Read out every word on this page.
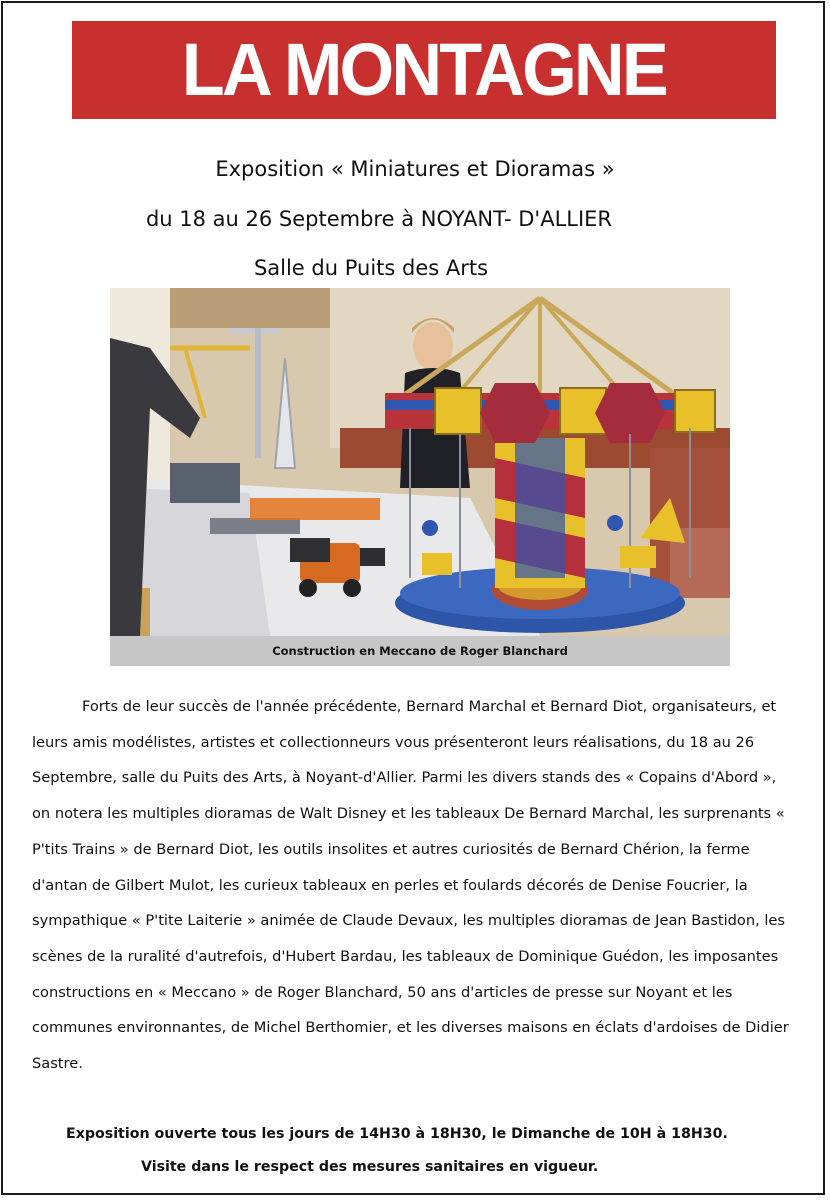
LA MONTAGNE
Exposition « Miniatures et Dioramas »
du 18 au 26 Septembre à NOYANT- D'ALLIER
Salle du Puits des Arts
Construction en Meccano de Roger Blanchard

Forts de leur succès de l'année précédente, Bernard Marchal et Bernard Diot, organisateurs, et leurs amis modélistes, artistes et collectionneurs vous présenteront leurs réalisations, du 18 au 26 Septembre, salle du Puits des Arts, à Noyant-d'Allier. Parmi les divers stands des « Copains d'Abord », on notera les multiples dioramas de Walt Disney et les tableaux De Bernard Marchal, les surprenants « P'tits Trains » de Bernard Diot, les outils insolites et autres curiosités de Bernard Chérion, la ferme d'antan de Gilbert Mulot, les curieux tableaux en perles et foulards décorés de Denise Foucrier, la sympathique « P'tite Laiterie » animée de Claude Devaux, les multiples dioramas de Jean Bastidon, les scènes de la ruralité d'autrefois, d'Hubert Bardau, les tableaux de Dominique Guédon, les imposantes constructions en « Meccano » de Roger Blanchard, 50 ans d'articles de presse sur Noyant et les communes environnantes, de Michel Berthomier, et les diverses maisons en éclats d'ardoises de Didier Sastre.

Exposition ouverte tous les jours de 14H30 à 18H30, le Dimanche de 10H à 18H30.
Visite dans le respect des mesures sanitaires en vigueur.
